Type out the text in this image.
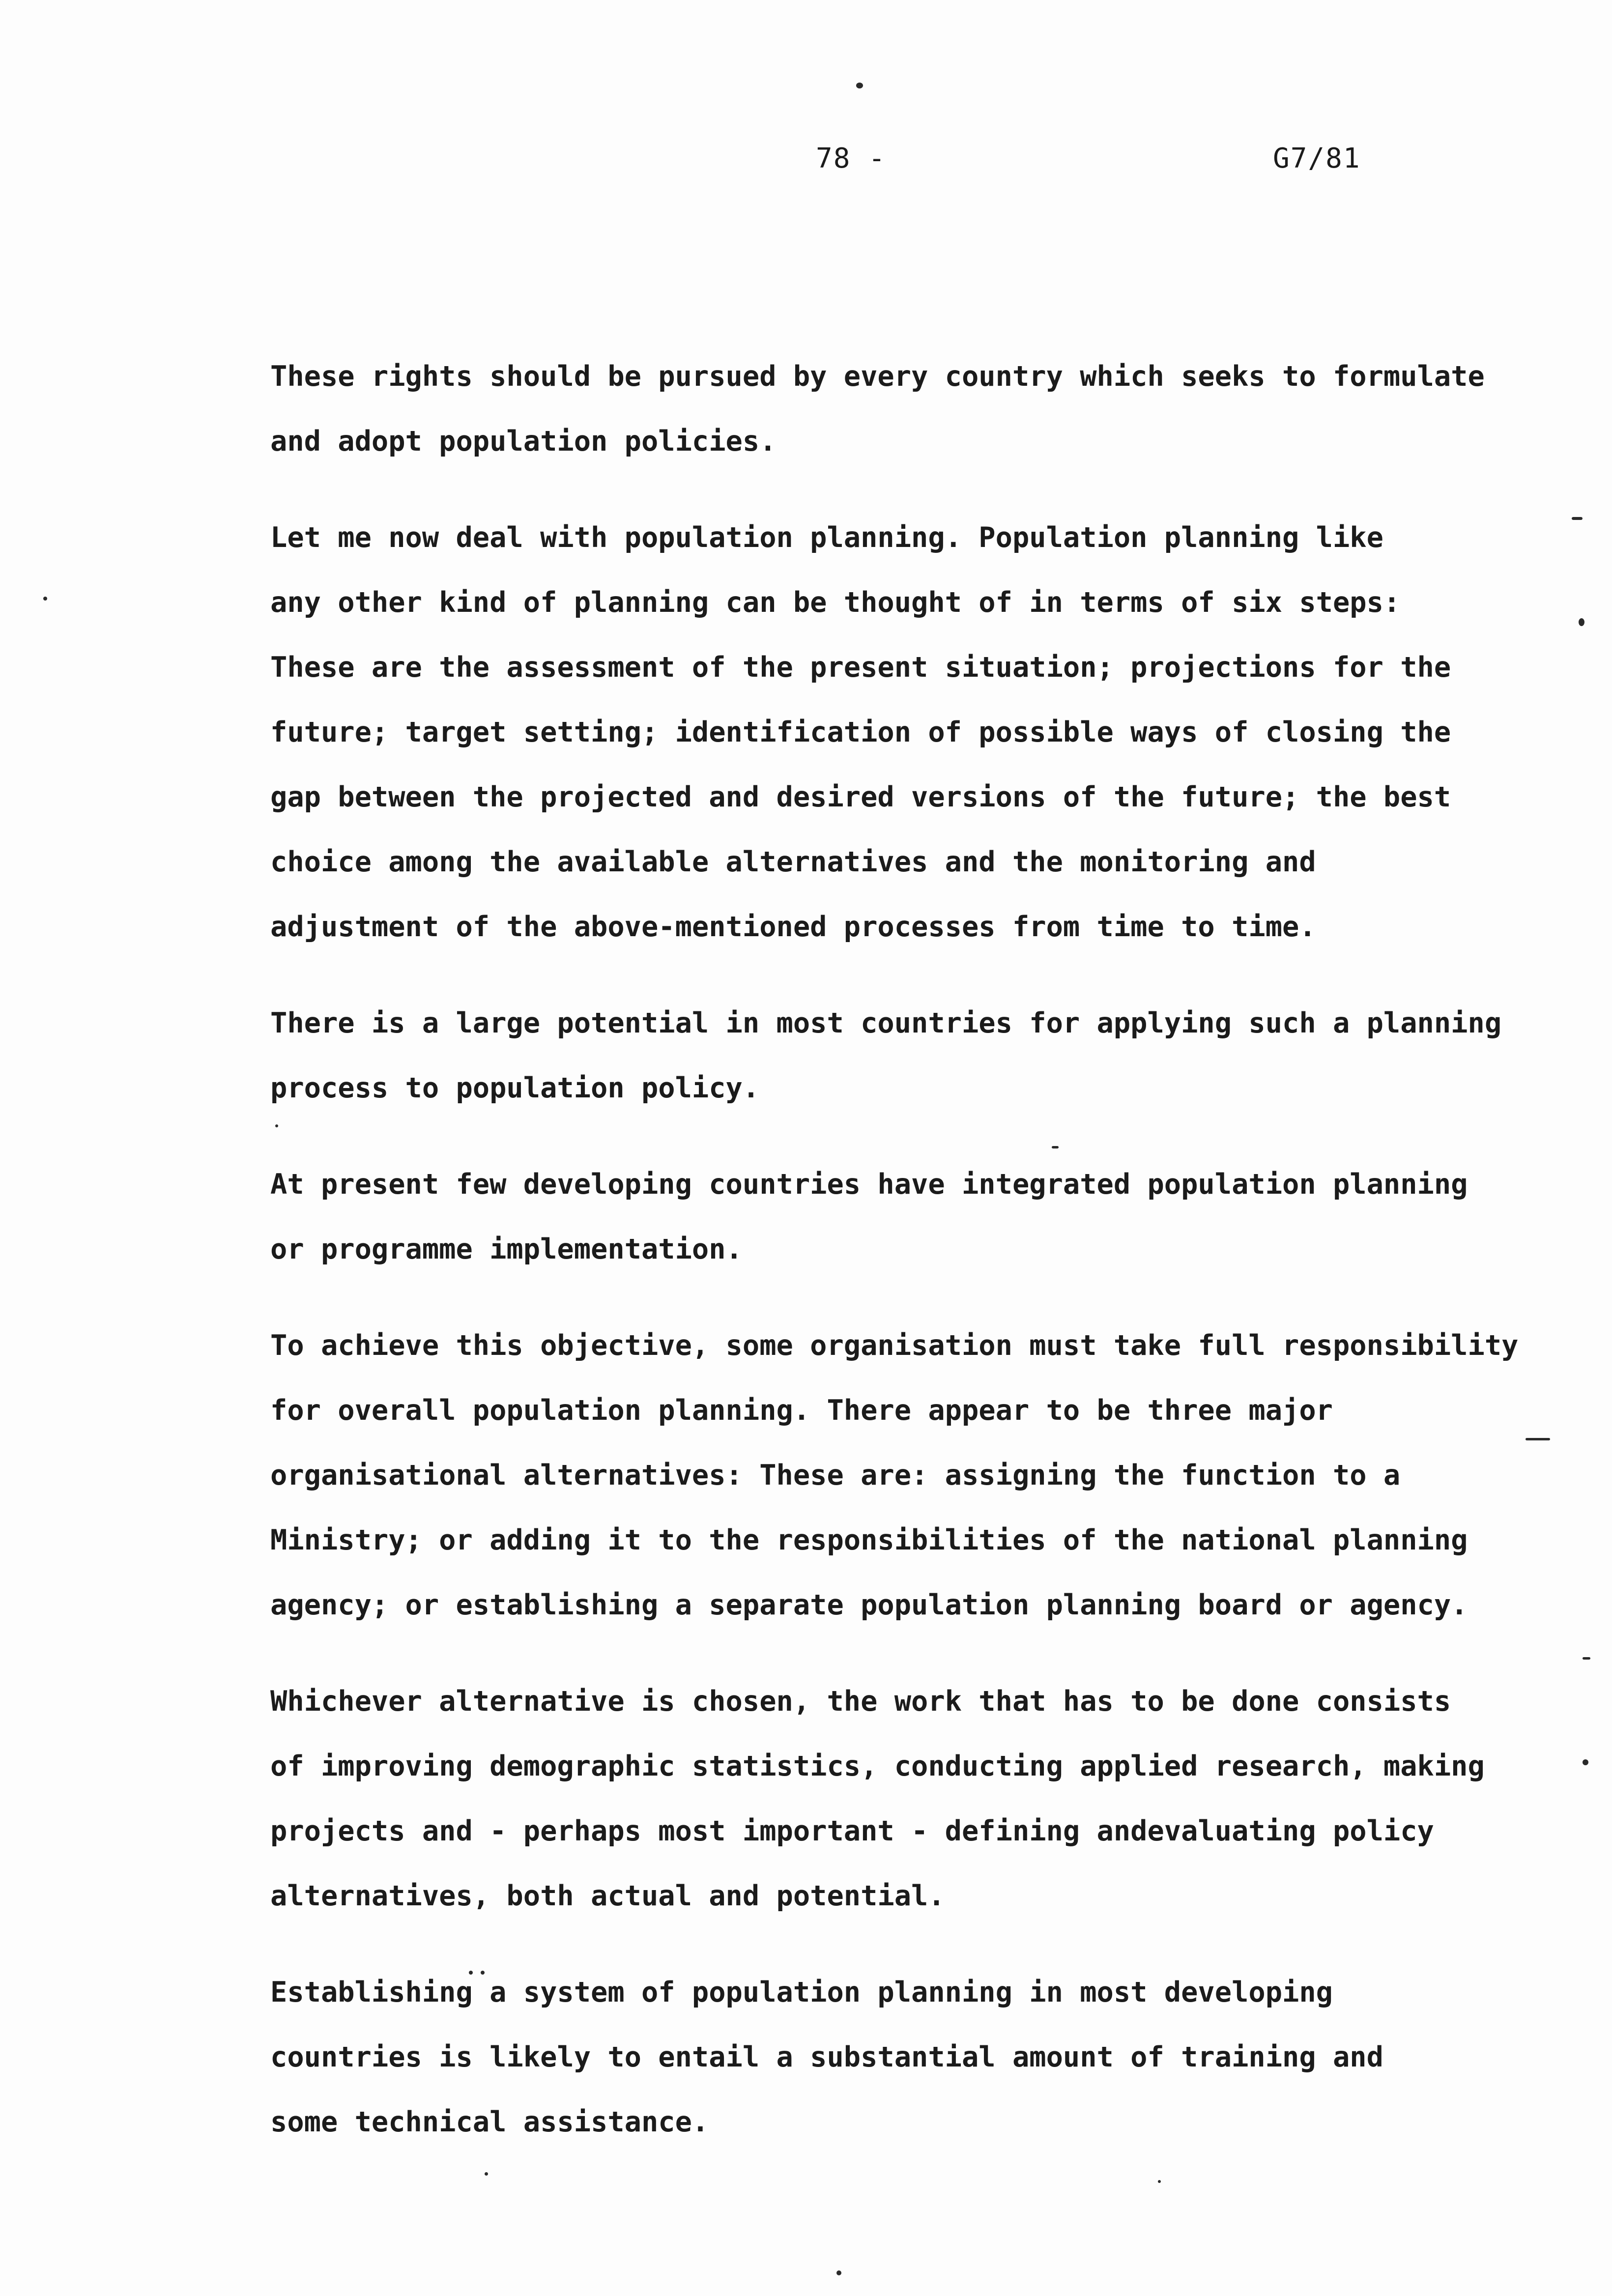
78 -	G7/81
These rights should be pursued by every country which seeks to formulate
and adopt population policies.
Let me now deal with population planning. Population planning like
any other kind of planning can be thought of in terms of six steps:
These are the assessment of the present situation; projections for the
future; target setting; identification of possible ways of closing the
gap between the projected and desired versions of the future; the best
choice among the available alternatives and the monitoring and
adjustment of the above-mentioned processes from time to time.
There is a large potential in most countries for applying such a planning
process to population policy.
At present few developing countries have integrated population planning
or programme implementation.
To achieve this objective, some organisation must take full responsibility
for overall population planning. There appear to be three major
organisational alternatives: These are: assigning the function to a
Ministry; or adding it to the responsibilities of the national planning
agency; or establishing a separate population planning board or agency.
Whichever alternative is chosen, the work that has to be done consists
of improving demographic statistics, conducting applied research, making
projects and - perhaps most important - defining andevaluating policy
alternatives, both actual and potential.
Establishing a system of population planning in most developing
countries is likely to entail a substantial amount of training and
some technical assistance.
